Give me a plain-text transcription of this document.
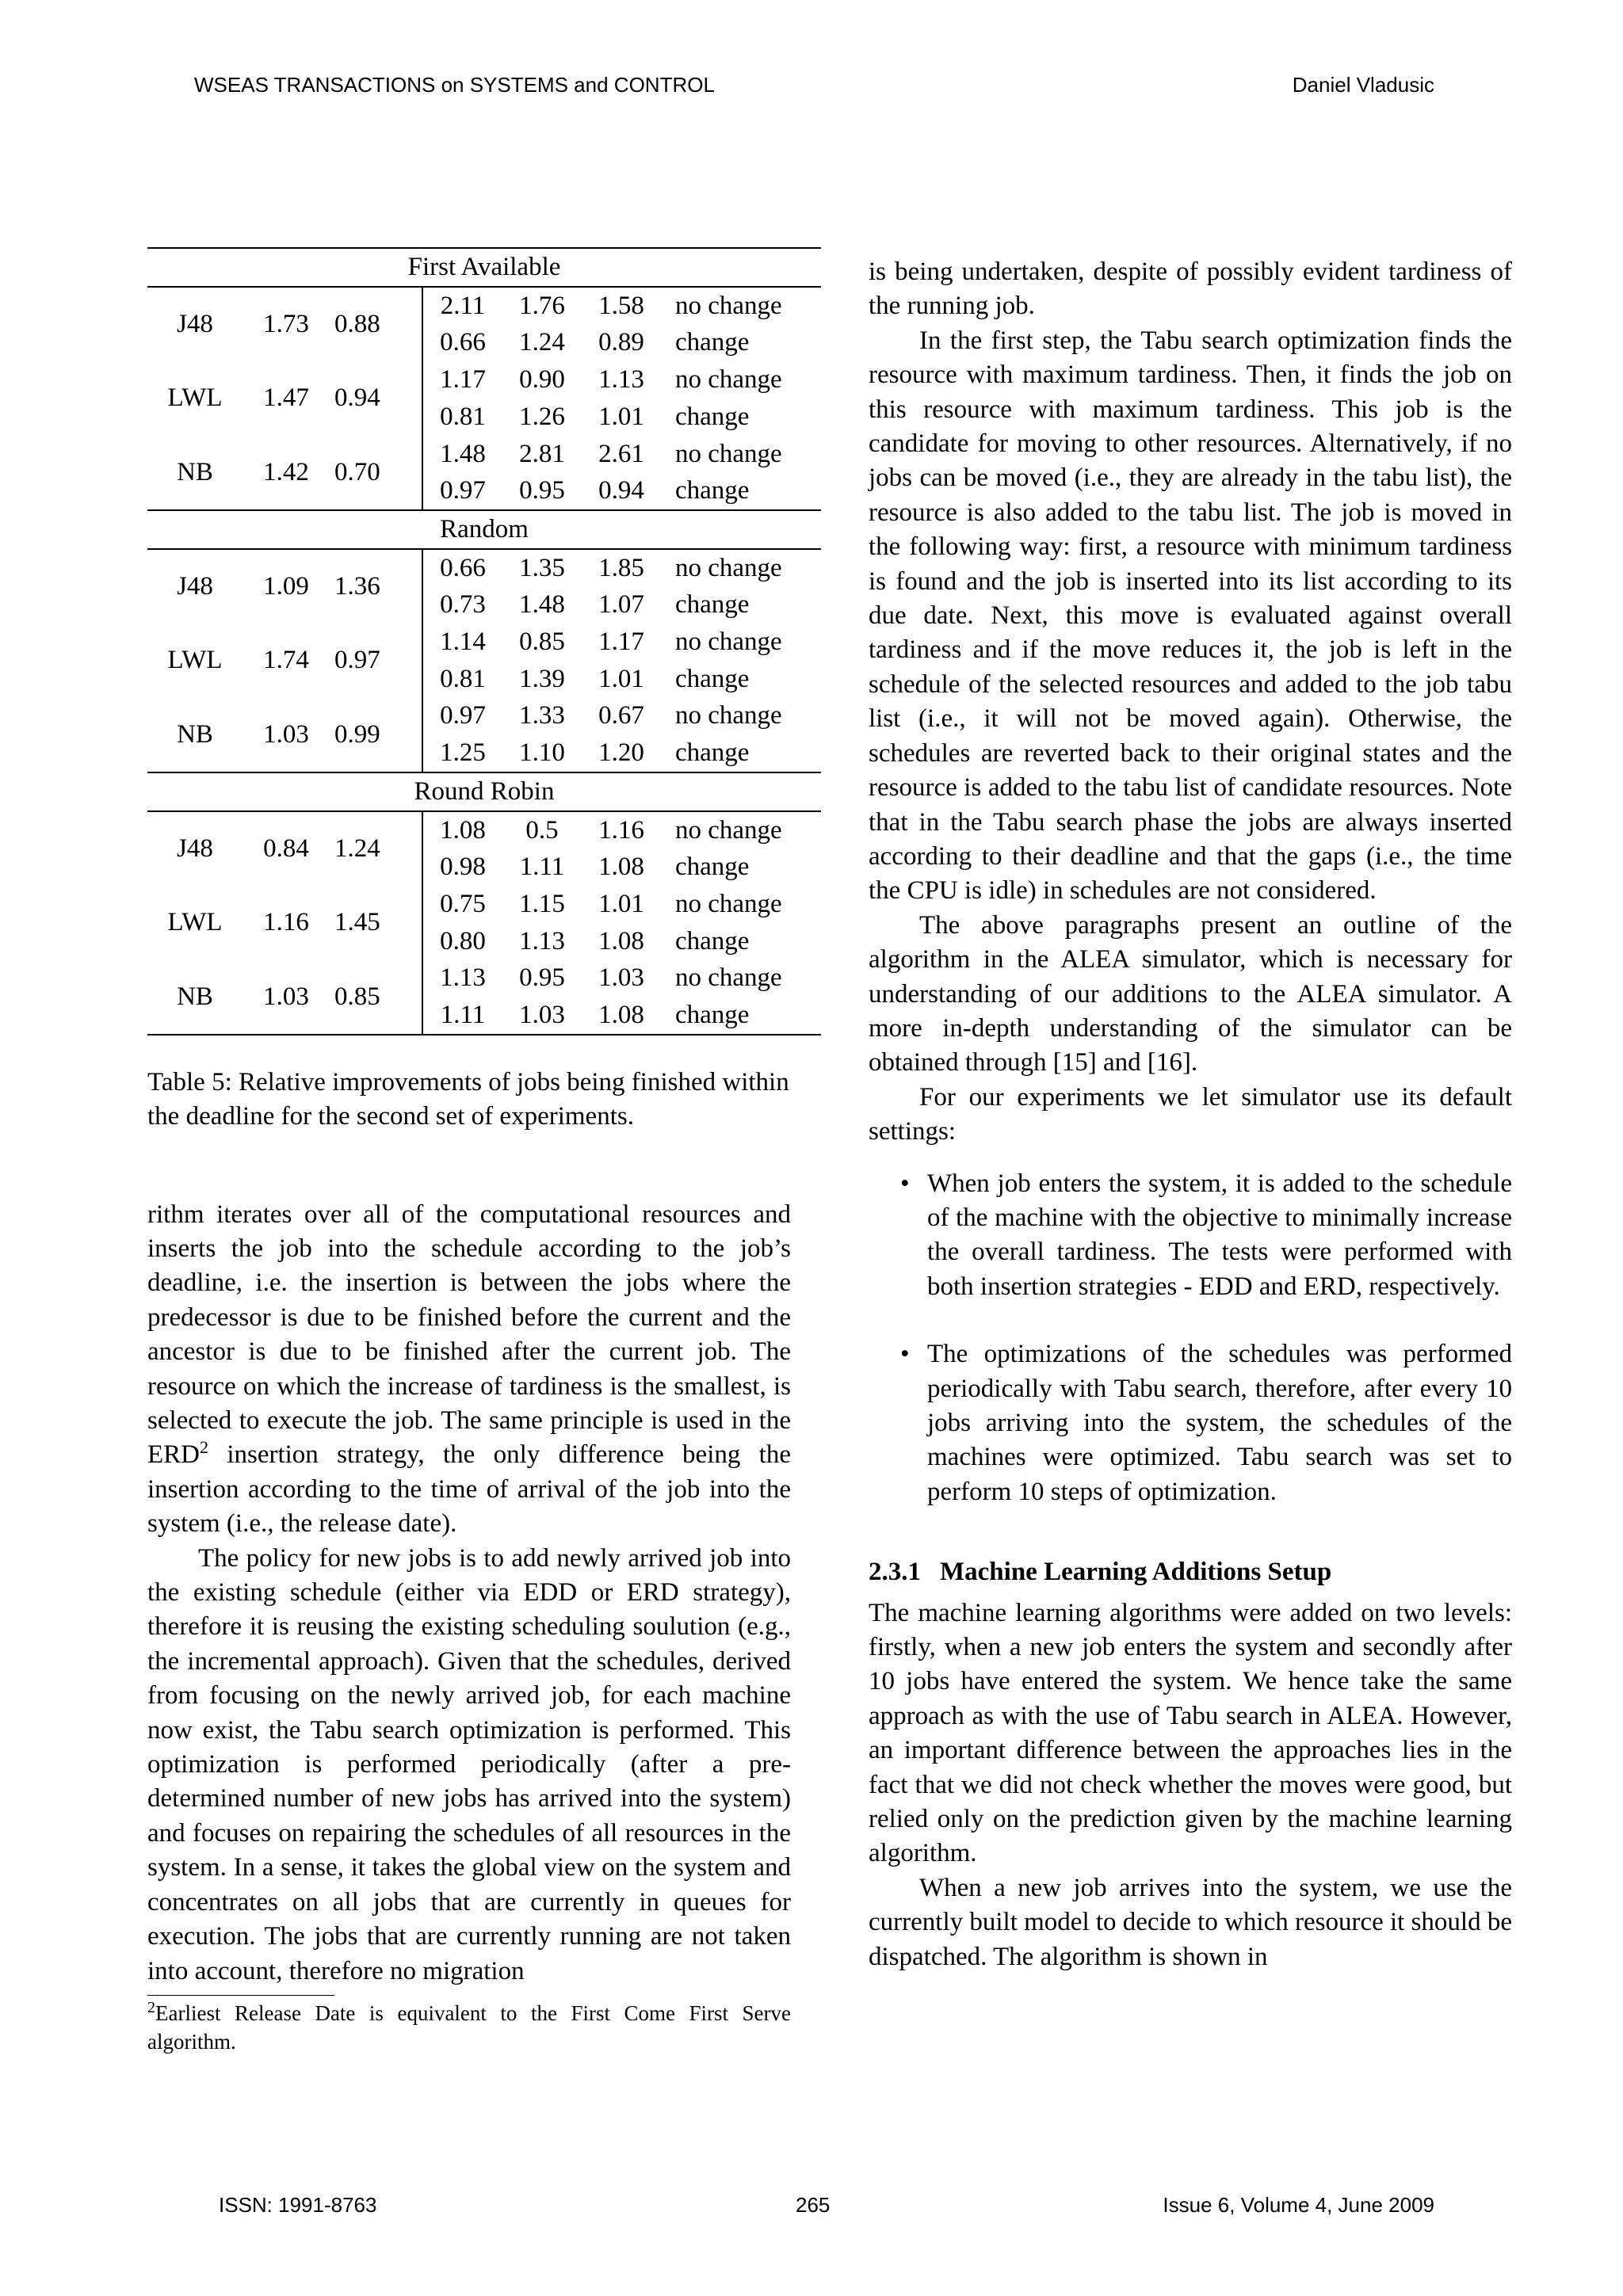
WSEAS TRANSACTIONS on SYSTEMS and CONTROL	Daniel Vladusic
First Available						
J48	1.73	0.88	2.11	1.76	1.58	no change
			0.66	1.24	0.89	change
LWL	1.47	0.94	1.17	0.90	1.13	no change
			0.81	1.26	1.01	change
NB	1.42	0.70	1.48	2.81	2.61	no change
			0.97	0.95	0.94	change
Random						
J48	1.09	1.36	0.66	1.35	1.85	no change
			0.73	1.48	1.07	change
LWL	1.74	0.97	1.14	0.85	1.17	no change
			0.81	1.39	1.01	change
NB	1.03	0.99	0.97	1.33	0.67	no change
			1.25	1.10	1.20	change
Round Robin						
J48	0.84	1.24	1.08	0.5	1.16	no change
			0.98	1.11	1.08	change
LWL	1.16	1.45	0.75	1.15	1.01	no change
			0.80	1.13	1.08	change
NB	1.03	0.85	1.13	0.95	1.03	no change
			1.11	1.03	1.08	change
Table 5: Relative improvements of jobs being finished within the deadline for the second set of experiments.

rithm iterates over all of the computational resources and inserts the job into the schedule according to the job’s deadline, i.e. the insertion is between the jobs where the predecessor is due to be finished before the current and the ancestor is due to be finished after the current job. The resource on which the increase of tardiness is the smallest, is selected to execute the job. The same principle is used in the ERD$^2$ insertion strategy, the only difference being the insertion according to the time of arrival of the job into the system (i.e., the release date).

The policy for new jobs is to add newly arrived job into the existing schedule (either via EDD or ERD strategy), therefore it is reusing the existing scheduling soulution (e.g., the incremental approach). Given that the schedules, derived from focusing on the newly arrived job, for each machine now exist, the Tabu search optimization is performed. This optimization is performed periodically (after a pre-determined number of new jobs has arrived into the system) and focuses on repairing the schedules of all resources in the system. In a sense, it takes the global view on the system and concentrates on all jobs that are currently in queues for execution. The jobs that are currently running are not taken into account, therefore no migration

$^2$Earliest Release Date is equivalent to the First Come First Serve algorithm.

is being undertaken, despite of possibly evident tardiness of the running job.

In the first step, the Tabu search optimization finds the resource with maximum tardiness. Then, it finds the job on this resource with maximum tardiness. This job is the candidate for moving to other resources. Alternatively, if no jobs can be moved (i.e., they are already in the tabu list), the resource is also added to the tabu list. The job is moved in the following way: first, a resource with minimum tardiness is found and the job is inserted into its list according to its due date. Next, this move is evaluated against overall tardiness and if the move reduces it, the job is left in the schedule of the selected resources and added to the job tabu list (i.e., it will not be moved again). Otherwise, the schedules are reverted back to their original states and the resource is added to the tabu list of candidate resources. Note that in the Tabu search phase the jobs are always inserted according to their deadline and that the gaps (i.e., the time the CPU is idle) in schedules are not considered.

The above paragraphs present an outline of the algorithm in the ALEA simulator, which is necessary for understanding of our additions to the ALEA simulator. A more in-depth understanding of the simulator can be obtained through [15] and [16].

For our experiments we let simulator use its default settings:

• When job enters the system, it is added to the schedule of the machine with the objective to minimally increase the overall tardiness. The tests were performed with both insertion strategies - EDD and ERD, respectively.
• The optimizations of the schedules was performed periodically with Tabu search, therefore, after every 10 jobs arriving into the system, the schedules of the machines were optimized. Tabu search was set to perform 10 steps of optimization.
2.3.1 Machine Learning Additions Setup

The machine learning algorithms were added on two levels: firstly, when a new job enters the system and secondly after 10 jobs have entered the system. We hence take the same approach as with the use of Tabu search in ALEA. However, an important difference between the approaches lies in the fact that we did not check whether the moves were good, but relied only on the prediction given by the machine learning algorithm.

When a new job arrives into the system, we use the currently built model to decide to which resource it should be dispatched. The algorithm is shown in

ISSN: 1991-8763	265	Issue 6, Volume 4, June 2009
